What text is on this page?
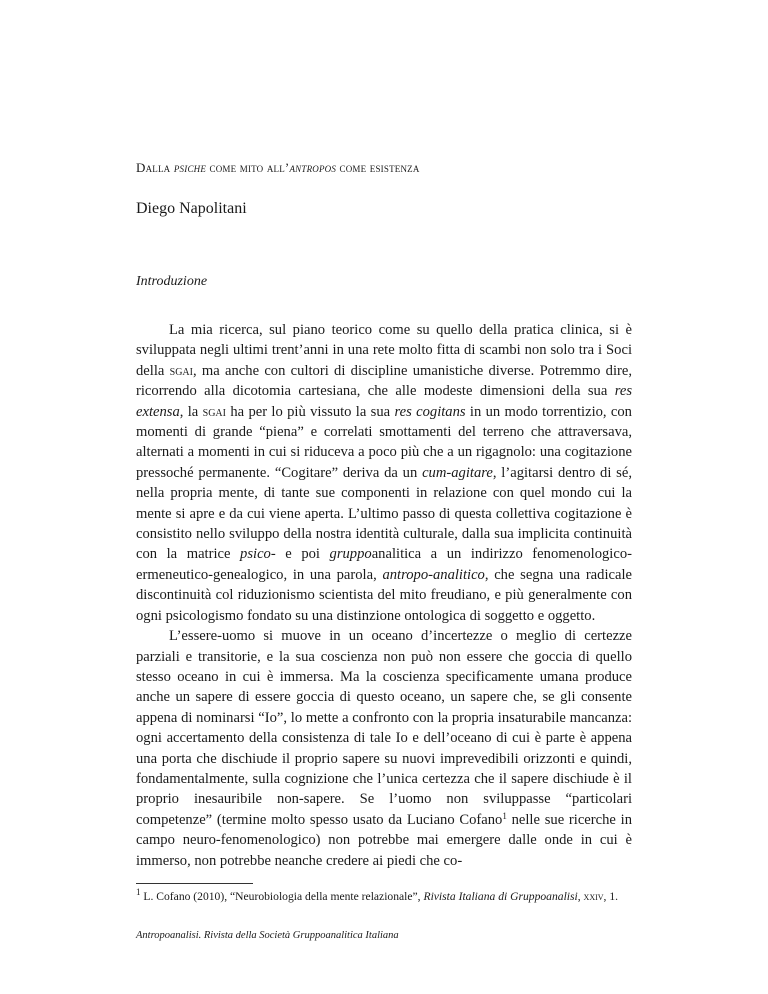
Dalla psiche come mito all’antropos come esistenza
Diego Napolitani
Introduzione

La mia ricerca, sul piano teorico come su quello della pratica clinica, si è sviluppata negli ultimi trent’anni in una rete molto fitta di scambi non solo tra i Soci della sgai, ma anche con cultori di discipline umanistiche diverse. Potremmo dire, ricorrendo alla dicotomia cartesiana, che alle modeste dimensioni della sua res extensa, la sgai ha per lo più vissuto la sua res cogitans in un modo torrentizio, con momenti di grande “piena” e correlati smottamenti del terreno che attraversava, alternati a momenti in cui si riduceva a poco più che a un rigagnolo: una cogitazione pressoché permanente. “Cogitare” deriva da un cum-agitare, l’agitarsi dentro di sé, nella propria mente, di tante sue componenti in relazione con quel mondo cui la mente si apre e da cui viene aperta. L’ultimo passo di questa collettiva cogitazione è consistito nello sviluppo della nostra identità culturale, dalla sua implicita continuità con la matrice psico- e poi gruppoanalitica a un indirizzo fenomenologico-ermeneutico-genealogico, in una parola, antropo-analitico, che segna una radicale discontinuità col riduzionismo scientista del mito freudiano, e più generalmente con ogni psicologismo fondato su una distinzione ontologica di soggetto e oggetto.

L’essere-uomo si muove in un oceano d’incertezze o meglio di certezze parziali e transitorie, e la sua coscienza non può non essere che goccia di quello stesso oceano in cui è immersa. Ma la coscienza specificamente umana produce anche un sapere di essere goccia di questo oceano, un sapere che, se gli consente appena di nominarsi “Io”, lo mette a confronto con la propria insaturabile mancanza: ogni accertamento della consistenza di tale Io e dell’oceano di cui è parte è appena una porta che dischiude il proprio sapere su nuovi imprevedibili orizzonti e quindi, fondamentalmente, sulla cognizione che l’unica certezza che il sapere dischiude è il proprio inesauribile non-sapere. Se l’uomo non sviluppasse “particolari competenze” (termine molto spesso usato da Luciano Cofano$^1$ nelle sue ricerche in campo neuro-fenomenologico) non potrebbe mai emergere dalle onde in cui è immerso, non potrebbe neanche credere ai piedi che co-

$^1$ L. Cofano (2010), “Neurobiologia della mente relazionale”, Rivista Italiana di Gruppoanalisi, xxiv, 1.
Antropoanalisi. Rivista della Società Gruppoanalitica Italiana
